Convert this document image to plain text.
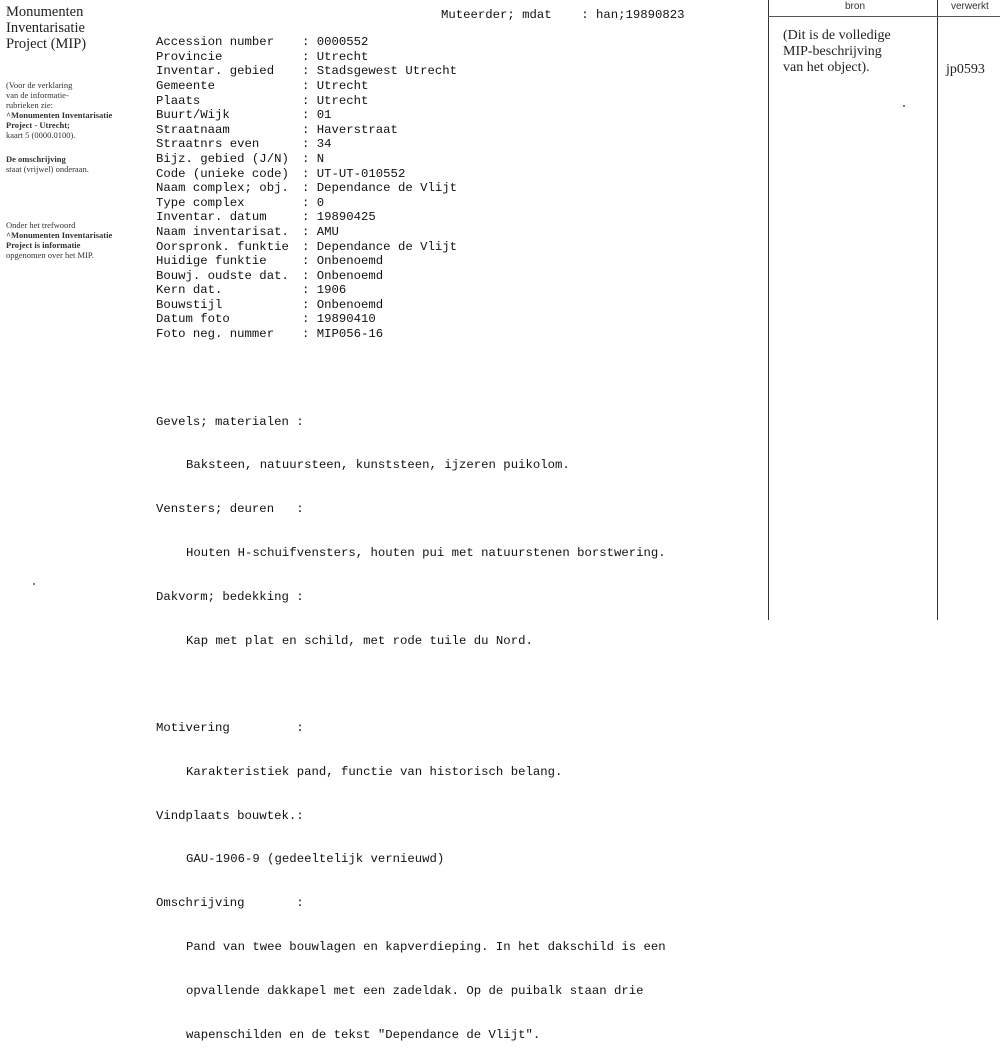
Monumenten
Inventarisatie
Project (MIP)
(Voor de verklaring
van de informatie-
rubrieken zie:
^Monumenten Inventarisatie
Project - Utrecht;
kaart 5 (0000.0100).
De omschrijving
staat (vrijwel) onderaan.
Onder het trefwoord
^Monumenten Inventarisatie
Project is informatie
opgenomen over het MIP.
Muteerder; mdat    : han;19890823

Accession number : 0000552
Provincie	: Utrecht
Inventar. gebied : Stadsgewest Utrecht
Gemeente	: Utrecht
Plaats	: Utrecht
Buurt/Wijk	: 01
Straatnaam	: Haverstraat
Straatnrs even	: 34
Bijz. gebied (J/N) : N
Code (unieke code) : UT-UT-010552
Naam complex; obj. : Dependance de Vlijt
Type complex	: 0
Inventar. datum	: 19890425
Naam inventarisat. : AMU
Oorspronk. funktie : Dependance de Vlijt
Huidige funktie	: Onbenoemd
Bouwj. oudste dat. : Onbenoemd
Kern dat.	: 1906
Bouwstijl	: Onbenoemd
Datum foto	: 19890410
Foto neg. nummer : MIP056-16

Gevels; materialen :

Baksteen, natuursteen, kunststeen, ijzeren puikolom.

Vensters; deuren   :

Houten H-schuifvensters, houten pui met natuurstenen borstwering.

Dakvorm; bedekking :

Kap met plat en schild, met rode tuile du Nord.

Motivering         :

Karakteristiek pand, functie van historisch belang.

Vindplaats bouwtek.:

GAU-1906-9 (gedeeltelijk vernieuwd)

Omschrijving       :

Pand van twee bouwlagen en kapverdieping. In het dakschild is een

opvallende dakkapel met een zadeldak. Op de puibalk staan drie

wapenschilden en de tekst "Dependance de Vlijt".

bron	verwerkt
(Dit is de volledige
MIP-beschrijving
van het object).	jp0593
